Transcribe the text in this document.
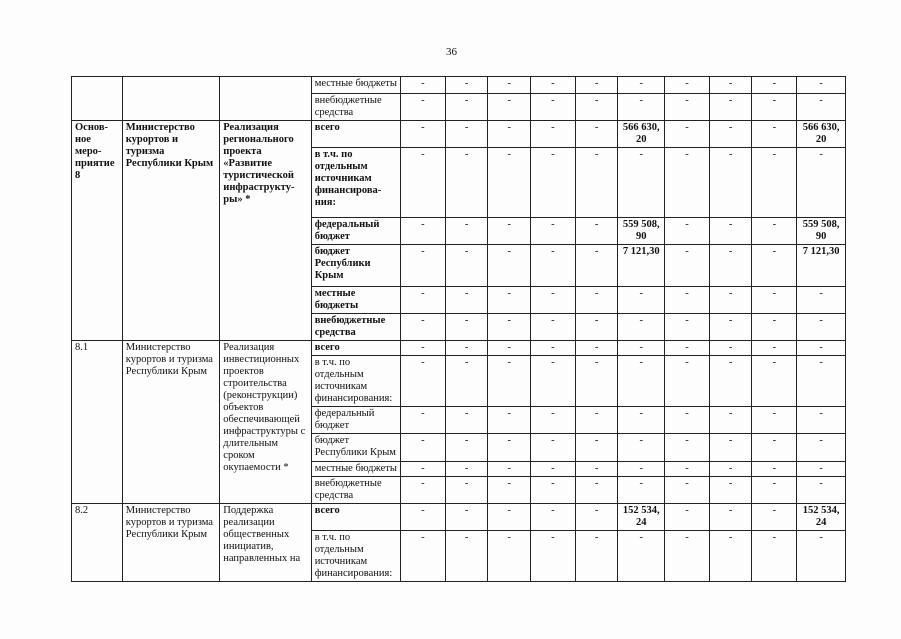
36
			местные бюджеты	-	-	-	-	-	-	-	-	-	-
			внебюджетные средства	-	-	-	-	-	-	-	-	-	-
Основ- ное меро- приятие 8	Министерство курортов и туризма Республики Крым	Реализация регионального проекта «Развитие туристической инфраструкту- ры» *	всего	-	-	-	-	-	566 630, 20	-	-	-	566 630, 20
			в т.ч. по отдельным источникам финансирова- ния:	-	-	-	-	-	-	-	-	-	-
			федеральный бюджет	-	-	-	-	-	559 508, 90	-	-	-	559 508, 90
			бюджет Республики Крым	-	-	-	-	-	7 121,30	-	-	-	7 121,30
			местные бюджеты	-	-	-	-	-	-	-	-	-	-
			внебюджетные средства	-	-	-	-	-	-	-	-	-	-
8.1	Министерство курортов и туризма Республики Крым	Реализация инвестиционных проектов строительства (реконструкции) объектов обеспечивающей инфраструктуры с длительным сроком окупаемости *	всего	-	-	-	-	-	-	-	-	-	-
			в т.ч. по отдельным источникам финансирования:	-	-	-	-	-	-	-	-	-	-
			федеральный бюджет	-	-	-	-	-	-	-	-	-	-
			бюджет Республики Крым	-	-	-	-	-	-	-	-	-	-
			местные бюджеты	-	-	-	-	-	-	-	-	-	-
			внебюджетные средства	-	-	-	-	-	-	-	-	-	-
8.2	Министерство курортов и туризма Республики Крым	Поддержка реализации общественных инициатив, направленных на	всего	-	-	-	-	-	152 534, 24	-	-	-	152 534, 24
			в т.ч. по отдельным источникам финансирования:	-	-	-	-	-	-	-	-	-	-
